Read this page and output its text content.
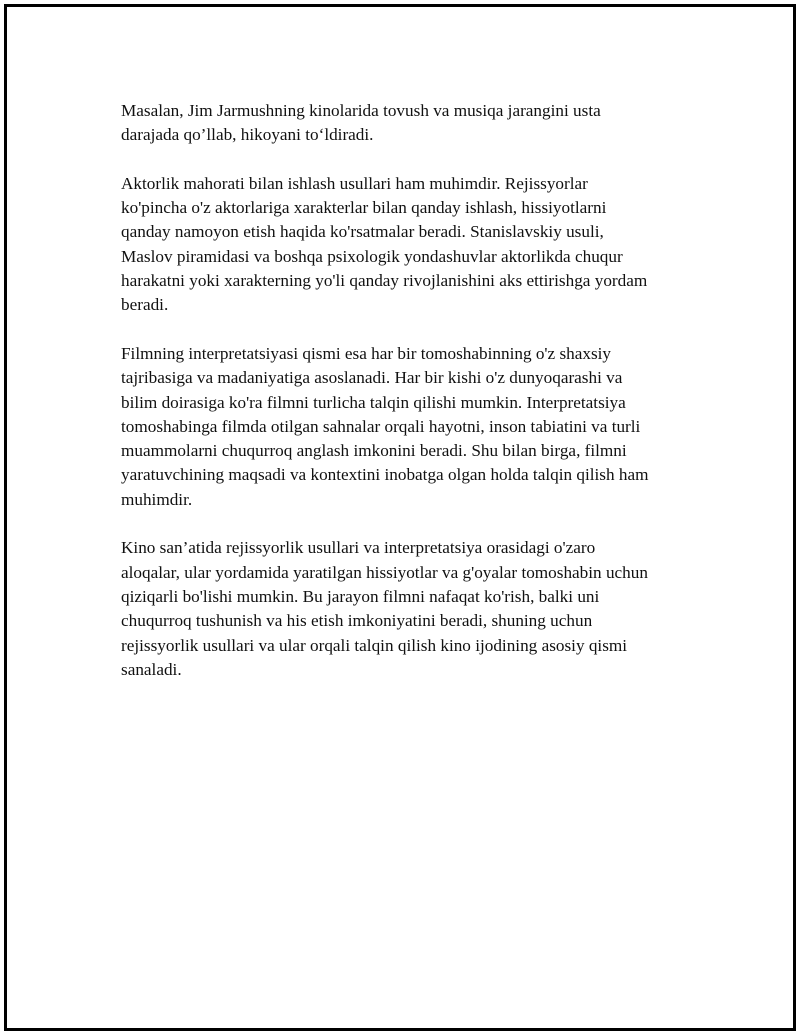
Masalan, Jim Jarmushning kinolarida tovush va musiqa jarangini usta
darajada qo’llab, hikoyani to‘ldiradi.

Aktorlik mahorati bilan ishlash usullari ham muhimdir. Rejissyorlar
ko'pincha o'z aktorlariga xarakterlar bilan qanday ishlash, hissiyotlarni
qanday namoyon etish haqida ko'rsatmalar beradi. Stanislavskiy usuli,
Maslov piramidasi va boshqa psixologik yondashuvlar aktorlikda chuqur
harakatni yoki xarakterning yo'li qanday rivojlanishini aks ettirishga yordam
beradi.

Filmning interpretatsiyasi qismi esa har bir tomoshabinning o'z shaxsiy
tajribasiga va madaniyatiga asoslanadi. Har bir kishi o'z dunyoqarashi va
bilim doirasiga ko'ra filmni turlicha talqin qilishi mumkin. Interpretatsiya
tomoshabinga filmda otilgan sahnalar orqali hayotni, inson tabiatini va turli
muammolarni chuqurroq anglash imkonini beradi. Shu bilan birga, filmni
yaratuvchining maqsadi va kontextini inobatga olgan holda talqin qilish ham
muhimdir.

Kino san’atida rejissyorlik usullari va interpretatsiya orasidagi o'zaro
aloqalar, ular yordamida yaratilgan hissiyotlar va g'oyalar tomoshabin uchun
qiziqarli bo'lishi mumkin. Bu jarayon filmni nafaqat ko'rish, balki uni
chuqurroq tushunish va his etish imkoniyatini beradi, shuning uchun
rejissyorlik usullari va ular orqali talqin qilish kino ijodining asosiy qismi
sanaladi.
